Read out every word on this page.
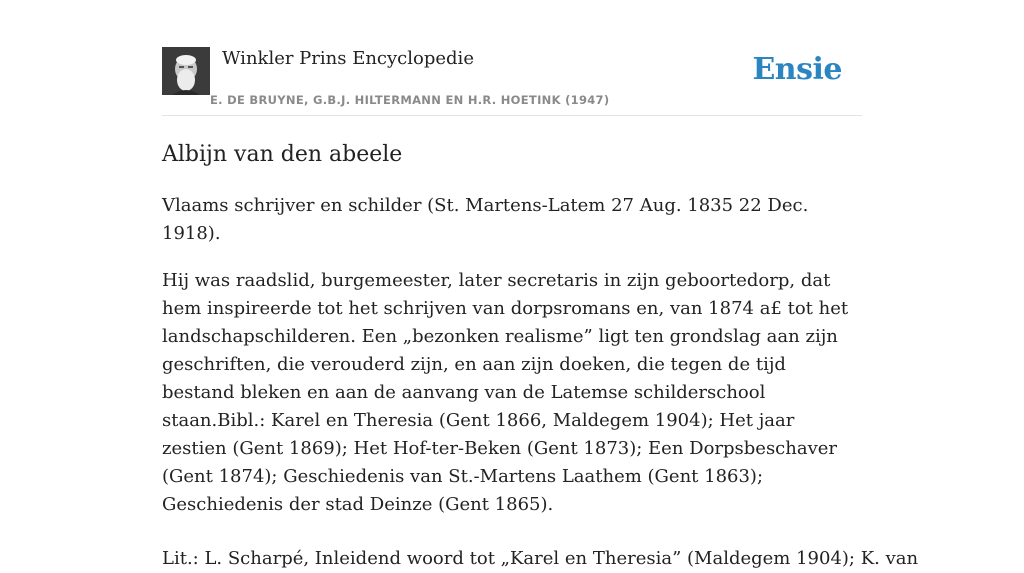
Winkler Prins Encyclopedie
E. DE BRUYNE, G.B.J. HILTERMANN EN H.R. HOETINK (1947)
Ensie
Albijn van den abeele

Vlaams schrijver en schilder (St. Martens-Latem 27 Aug. 1835 22 Dec. 1918).

Hij was raadslid, burgemeester, later secretaris in zijn geboortedorp, dat hem inspireerde tot het schrijven van dorpsromans en, van 1874 a£ tot het landschapschilderen. Een „bezonken realisme” ligt ten grondslag aan zijn geschriften, die verouderd zijn, en aan zijn doeken, die tegen de tijd bestand bleken en aan de aanvang van de Latemse schilderschool staan.Bibl.: Karel en Theresia (Gent 1866, Maldegem 1904); Het jaar zestien (Gent 1869); Het Hof-ter-Beken (Gent 1873); Een Dorpsbeschaver (Gent 1874); Geschiedenis van St.-Martens Laathem (Gent 1863); Geschiedenis der stad Deinze (Gent 1865).

Lit.: L. Scharpé, Inleidend woord tot „Karel en Theresia” (Maldegem 1904); K. van
